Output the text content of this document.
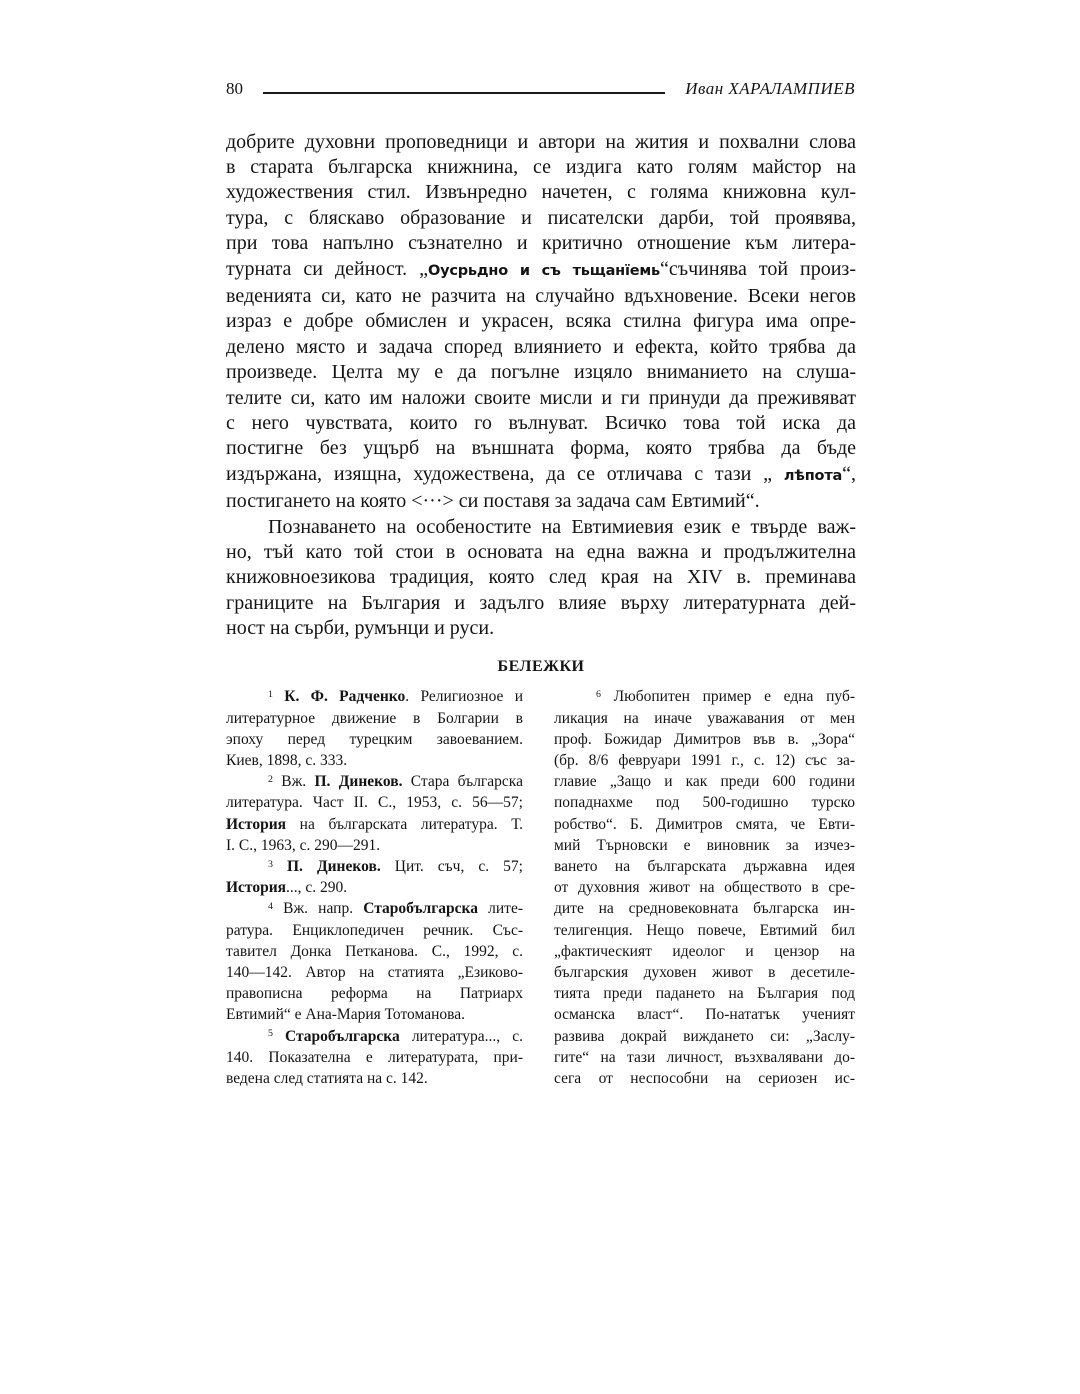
80	Иван ХАРАЛАМПИЕВ
добрите духовни проповедници и автори на жития и похвални слова
в старата българска книжнина, се издига като голям майстор на
художествения стил. Извънредно начетен, с голяма книжовна кул-
тура, с бляскаво образование и писателски дарби, той проявява,
при това напълно съзнателно и критично отношение към литера-
турната си дейност. „Оусрьдно и съ тьщанїемь“съчинява той произ-
веденията си, като не разчита на случайно вдъхновение. Всеки негов
израз е добре обмислен и украсен, всяка стилна фигура има опре-
делено място и задача според влиянието и ефекта, който трябва да
произведе. Целта му е да погълне изцяло вниманието на слуша-
телите си, като им наложи своите мисли и ги принуди да преживяват
с него чувствата, които го вълнуват. Всичко това той иска да
постигне без ущърб на външната форма, която трябва да бъде
издържана, изящна, художествена, да се отличава с тази „ лѣпота“,
постигането на която <···> си поставя за задача сам Евтимий“.
Познаването на особеностите на Евтимиевия език е твърде важ-
но, тъй като той стои в основата на една важна и продължителна
книжовноезикова традиция, която след края на XIV в. преминава
границите на България и задълго влияе върху литературната дей-
ност на сърби, румънци и руси.
БЕЛЕЖКИ
$^1$ К. Ф. Радченко. Религиозное и
литературное движение в Болгарии в
эпоху перед турецким завоеванием.
Киев, 1898, с. 333.
$^2$ Вж. П. Динеков. Стара българска
литература. Част II. С., 1953, с. 56—57;
История на българската литература. Т.
I. С., 1963, с. 290—291.
$^3$ П. Динеков. Цит. съч, с. 57;
История..., с. 290.
$^4$ Вж. напр. Старобългарска лите-
ратура. Енциклопедичен речник. Със-
тавител Донка Петканова. С., 1992, с.
140—142. Автор на статията „Езиково-
правописна реформа на Патриарх
Евтимий“ е Ана-Мария Тотоманова.
$^5$ Старобългарска литература..., с.
140. Показателна е литературата, при-
ведена след статията на с. 142.
$^6$ Любопитен пример е една пуб-
ликация на иначе уважавания от мен
проф. Божидар Димитров във в. „Зора“
(бр. 8/6 февруари 1991 г., с. 12) със за-
главие „Защо и как преди 600 години
попаднахме под 500-годишно турско
робство“. Б. Димитров смята, че Евти-
мий Търновски е виновник за изчез-
ването на българската държавна идея
от духовния живот на обществото в сре-
дите на средновековната българска ин-
телигенция. Нещо повече, Евтимий бил
„фактическият идеолог и цензор на
българския духовен живот в десетиле-
тията преди падането на България под
османска власт“. По-нататък ученият
развива докрай виждането си: „Заслу-
гите“ на тази личност, възхвалявани до-
сега от неспособни на сериозен ис-
